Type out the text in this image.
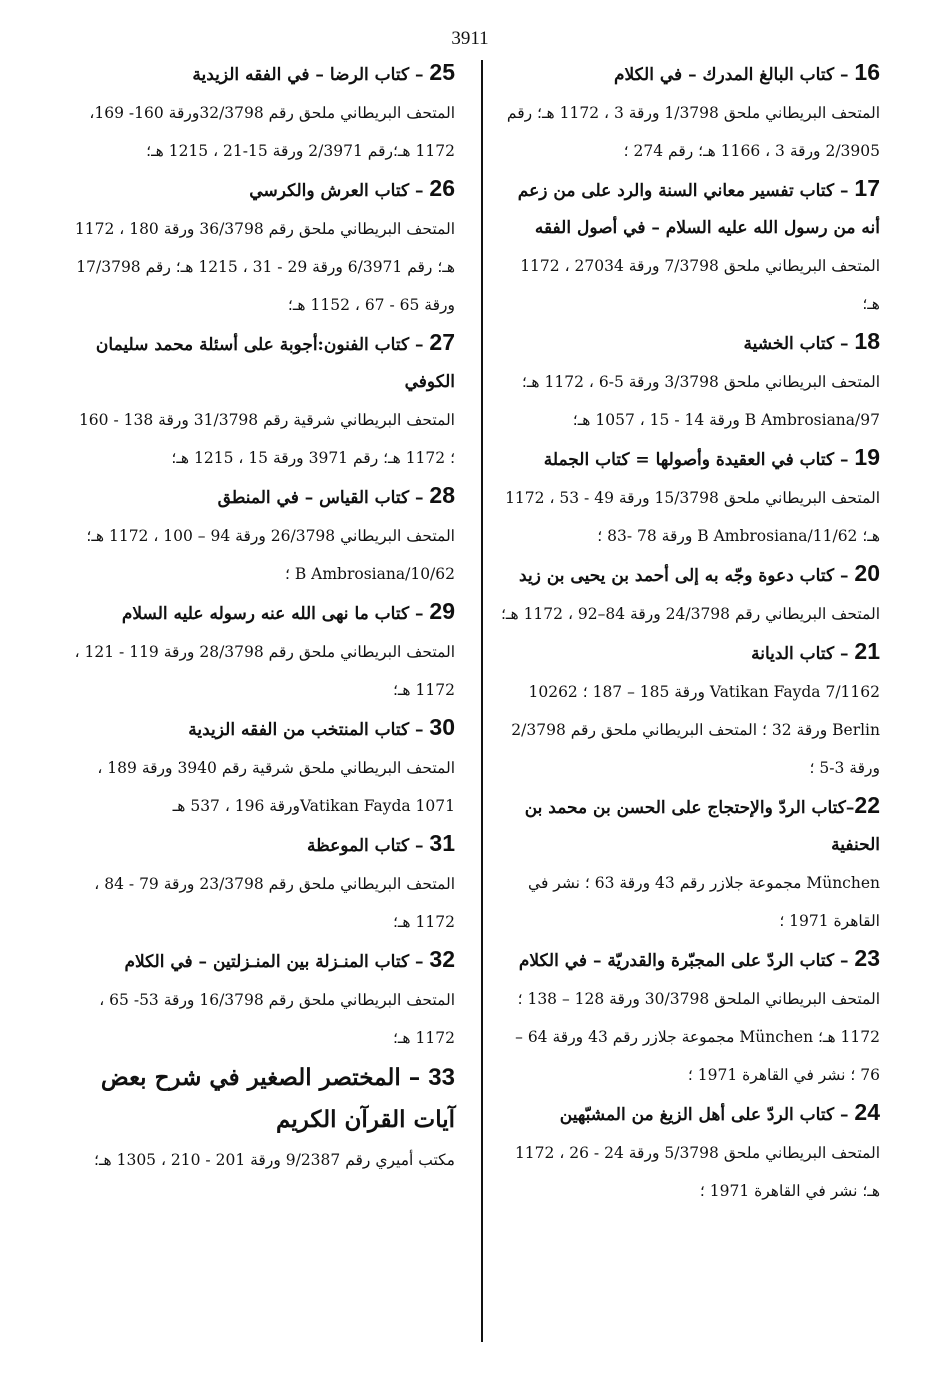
3911
16 – كتاب البالغ المدرك – في الكلام
المتحف البريطاني ملحق 1/3798 ورقة 3 ، 1172 هـ؛ رقم 2/3905 ورقة 3 ، 1166 هـ؛ رقم 274 ؛
17 – كتاب تفسير معاني السنة والرد على من زعم أنه من رسول الله عليه السلام – في أصول الفقه
المتحف البريطاني ملحق 7/3798 ورقة 27034 ، 1172 هـ؛
18 – كتاب الخشية
المتحف البريطاني ملحق 3/3798 ورقة 5-6 ، 1172 هـ؛ 97/B Ambrosiana ورقة 14 - 15 ، 1057 هـ؛
19 – كتاب في العقيدة وأصولها = كتاب الجملة
المتحف البريطاني ملحق 15/3798 ورقة 49 - 53 ، 1172 هـ؛ 11/62/B Ambrosiana ورقة 78 -83 ؛
20 – كتاب دعوة وجّه به إلى أحمد بن يحيى بن زيد
المتحف البريطاني رقم 24/3798 ورقة 84–92 ، 1172 هـ؛
21 – كتاب الديانة
7/1162 Vatikan Fayda ورقة 185 – 187 ؛ 10262 Berlin ورقة 32 ؛ المتحف البريطاني ملحق رقم 2/3798 ورقة 3-5 ؛
22–كتاب الردّ والإحتجاج على الحسن بن محمد بن الحنفية
München مجموعة جلازر رقم 43 ورقة 63 ؛ نشر في القاهرة 1971 ؛
23 – كتاب الردّ على المجبّرة والقدريّة – في الكلام
المتحف البريطاني الملحق 30/3798 ورقة 128 – 138 ؛ 1172 هـ؛ München مجموعة جلازر رقم 43 ورقة 64 – 76 ؛ نشر في القاهرة 1971 ؛
24 – كتاب الردّ على أهل الزيغ من المشبّهين
المتحف البريطاني ملحق 5/3798 ورقة 24 - 26 ، 1172 هـ؛ نشر في القاهرة 1971 ؛
25 – كتاب الرضا – في الفقه الزيدية
المتحف البريطاني ملحق رقم 32/3798ورقة 160- 169، 1172 هـ؛رقم 2/3971 ورقة 15-21 ، 1215 هـ؛
26 – كتاب العرش والكرسي
المتحف البريطاني ملحق رقم 36/3798 ورقة 180 ، 1172 هـ؛ رقم 6/3971 ورقة 29 - 31 ، 1215 هـ؛ رقم 17/3798 ورقة 65 - 67 ، 1152 هـ؛
27 – كتاب الفنون:أجوبة على أسئلة محمد سليمان الكوفي
المتحف البريطاني شرقية رقم 31/3798 ورقة 138 - 160 ؛ 1172 هـ؛ رقم 3971 ورقة 15 ، 1215 هـ؛
28 – كتاب القياس – في المنطق
المتحف البريطاني 26/3798 ورقة 94 – 100 ، 1172 هـ؛ 10/62/B Ambrosiana ؛
29 – كتاب ما نهى الله عنه رسوله عليه السلام
المتحف البريطاني ملحق رقم 28/3798 ورقة 119 - 121 ، 1172 هـ؛
30 – كتاب المنتخب من الفقه الزيدية
المتحف البريطاني ملحق شرقية رقم 3940 ورقة 189 ، 1071 Vatikan Faydaورقة 196 ، 537 هـ
31 – كتاب الموعظة
المتحف البريطاني ملحق رقم 23/3798 ورقة 79 - 84 ، 1172 هـ؛
32 – كتاب المنـزلة بين المنـزلتين – في الكلام
المتحف البريطاني ملحق رقم 16/3798 ورقة 53- 65 ، 1172 هـ؛
33 – المختصر الصغير في شرح بعض آيات القرآن الكريم
مكتب أميري رقم 9/2387 ورقة 201 - 210 ، 1305 هـ؛
